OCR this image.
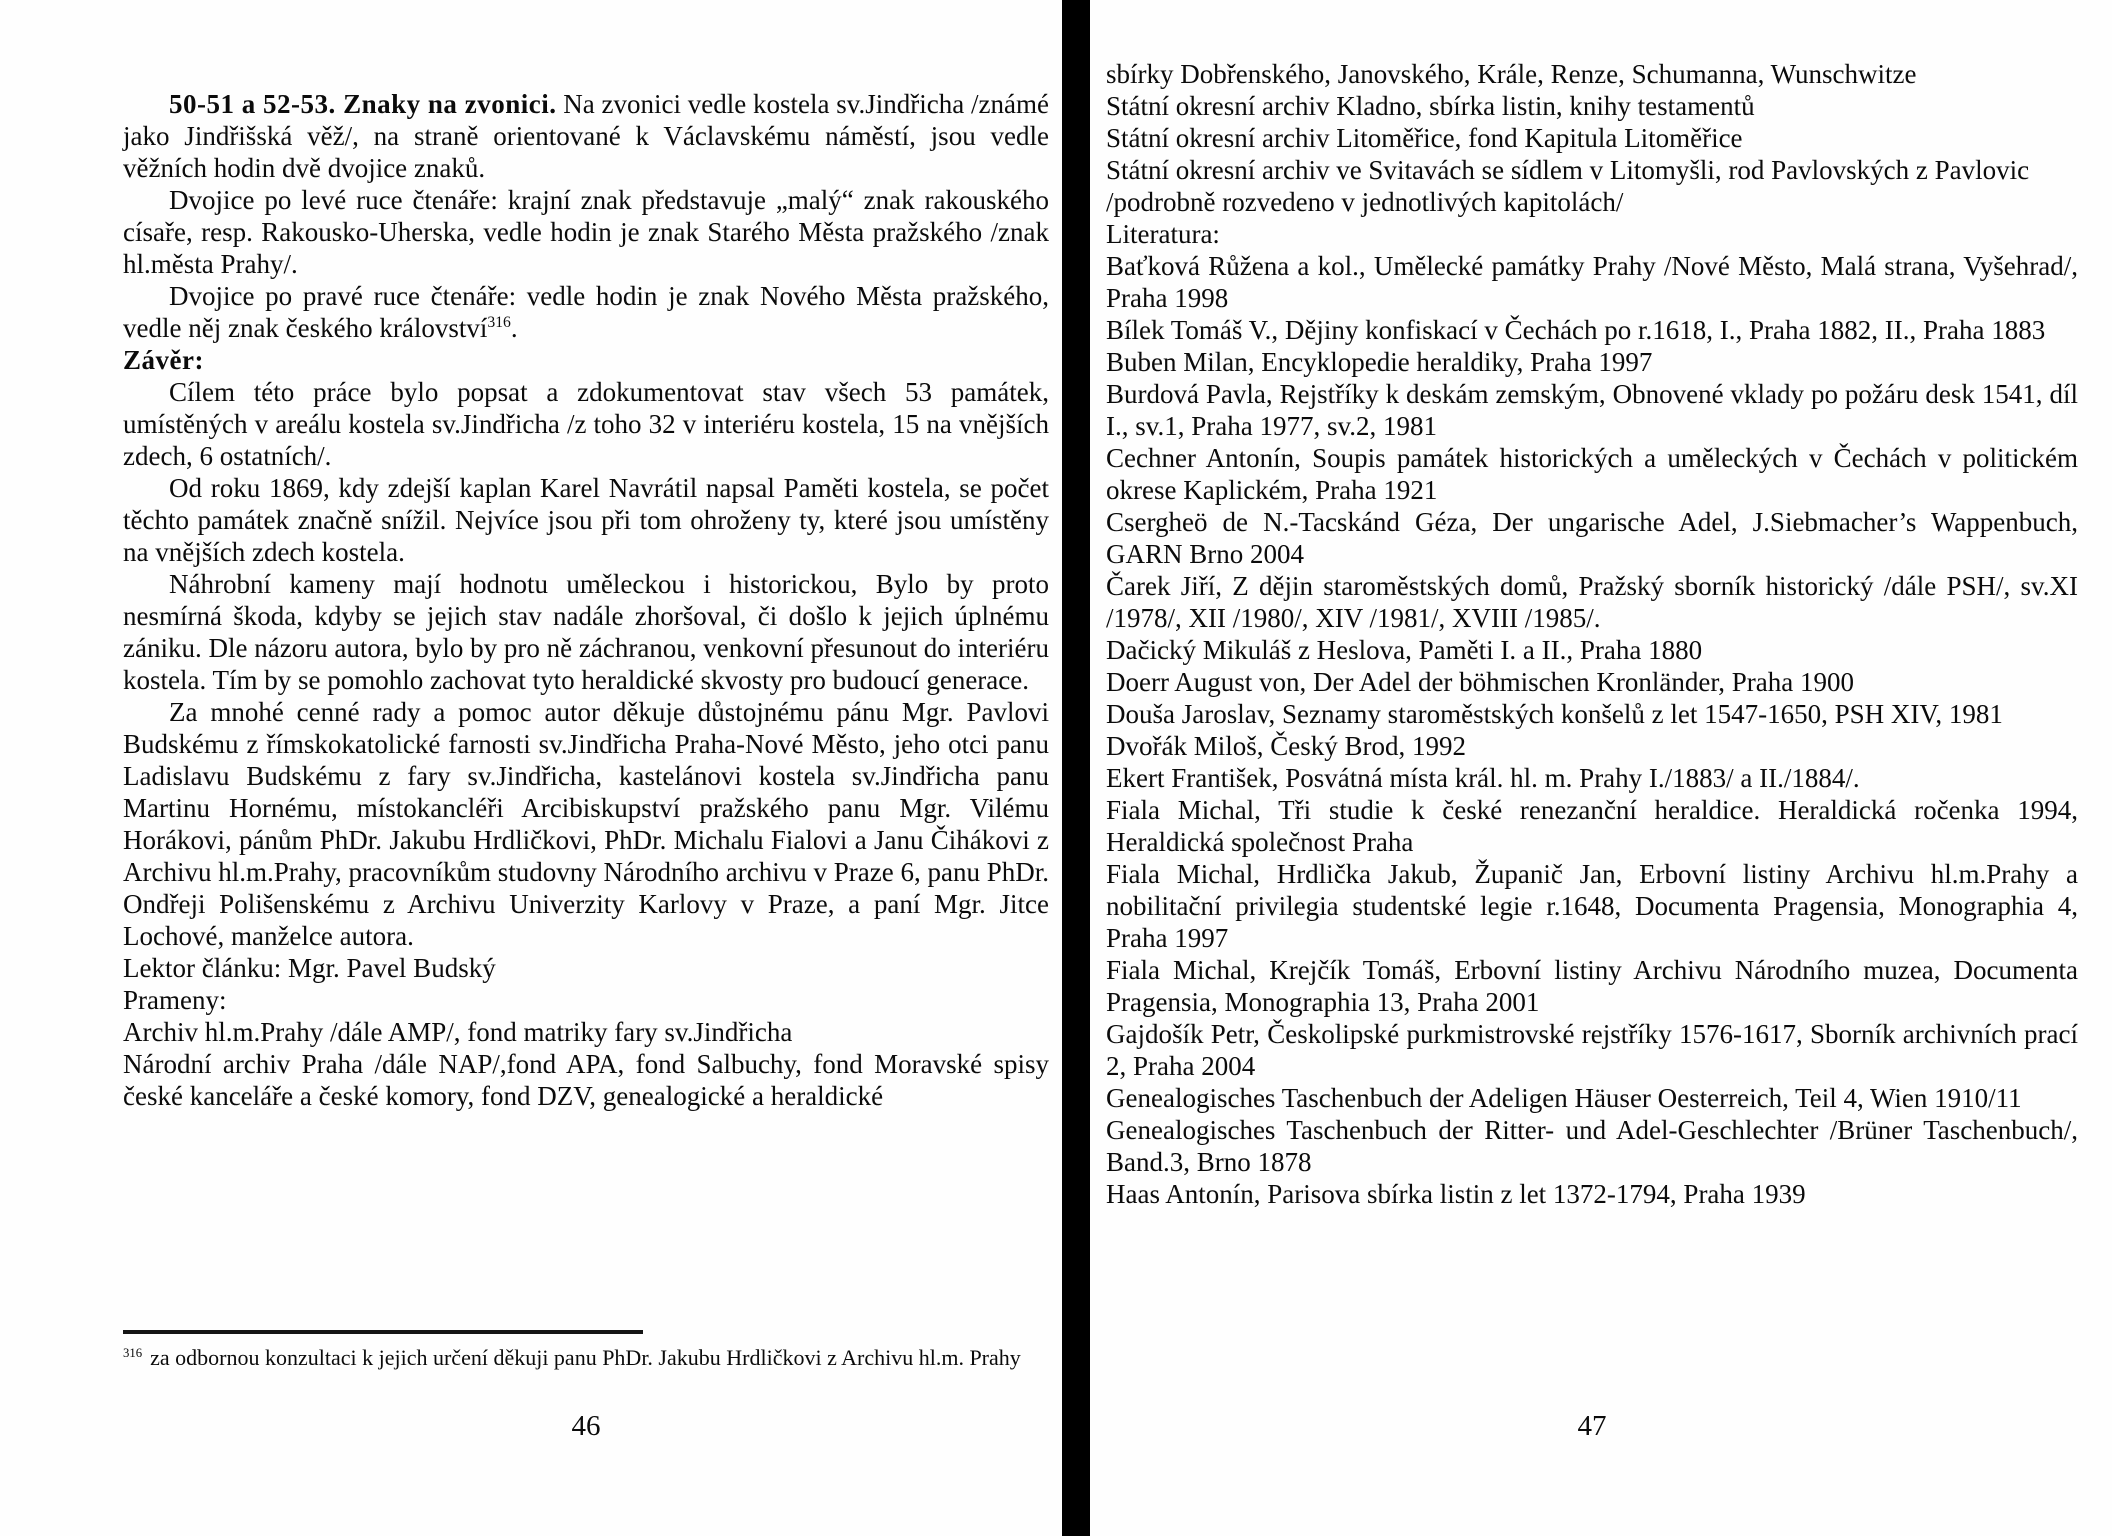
50-51 a 52-53. Znaky na zvonici. Na zvonici vedle kostela sv.Jindřicha /známé jako Jindřišská věž/, na straně orientované k Václavskému náměstí, jsou vedle věžních hodin dvě dvojice znaků.

Dvojice po levé ruce čtenáře: krajní znak představuje „malý“ znak rakouského císaře, resp. Rakousko-Uherska, vedle hodin je znak Starého Města pražského /znak hl.města Prahy/.

Dvojice po pravé ruce čtenáře: vedle hodin je znak Nového Města pražského, vedle něj znak českého království$^{316}$.

Závěr:

Cílem této práce bylo popsat a zdokumentovat stav všech 53 památek, umístěných v areálu kostela sv.Jindřicha /z toho 32 v interiéru kostela, 15 na vnějších zdech, 6 ostatních/.

Od roku 1869, kdy zdejší kaplan Karel Navrátil napsal Paměti kostela, se počet těchto památek značně snížil. Nejvíce jsou při tom ohroženy ty, které jsou umístěny na vnějších zdech kostela.

Náhrobní kameny mají hodnotu uměleckou i historickou, Bylo by proto nesmírná škoda, kdyby se jejich stav nadále zhoršoval, či došlo k jejich úplnému zániku. Dle názoru autora, bylo by pro ně záchranou, venkovní přesunout do interiéru kostela. Tím by se pomohlo zachovat tyto heraldické skvosty pro budoucí generace.

Za mnohé cenné rady a pomoc autor děkuje důstojnému pánu Mgr. Pavlovi Budskému z římskokatolické farnosti sv.Jindřicha Praha-Nové Město, jeho otci panu Ladislavu Budskému z fary sv.Jindřicha, kastelánovi kostela sv.Jindřicha panu Martinu Hornému, místokancléři Arcibiskupství pražského panu Mgr. Vilému Horákovi, pánům PhDr. Jakubu Hrdličkovi, PhDr. Michalu Fialovi a Janu Čihákovi z Archivu hl.m.Prahy, pracovníkům studovny Národního archivu v Praze 6, panu PhDr. Ondřeji Polišenskému z Archivu Univerzity Karlovy v Praze, a paní Mgr. Jitce Lochové, manželce autora.

Lektor článku: Mgr. Pavel Budský

Prameny:

Archiv hl.m.Prahy /dále AMP/, fond matriky fary sv.Jindřicha

Národní archiv Praha /dále NAP/,fond APA, fond Salbuchy, fond Moravské spisy české kanceláře a české komory, fond DZV, genealogické a heraldické

sbírky Dobřenského, Janovského, Krále, Renze, Schumanna, Wunschwitze

Státní okresní archiv Kladno, sbírka listin, knihy testamentů

Státní okresní archiv Litoměřice, fond Kapitula Litoměřice

Státní okresní archiv ve Svitavách se sídlem v Litomyšli, rod Pavlovských z Pavlovic

/podrobně rozvedeno v jednotlivých kapitolách/

Literatura:

Baťková Růžena a kol., Umělecké památky Prahy /Nové Město, Malá strana, Vyšehrad/, Praha 1998

Bílek Tomáš V., Dějiny konfiskací v Čechách po r.1618, I., Praha 1882, II., Praha 1883

Buben Milan, Encyklopedie heraldiky, Praha 1997

Burdová Pavla, Rejstříky k deskám zemským, Obnovené vklady po požáru desk 1541, díl I., sv.1, Praha 1977, sv.2, 1981

Cechner Antonín, Soupis památek historických a uměleckých v Čechách v politickém okrese Kaplickém, Praha 1921

Csergheö de N.-Tacskánd Géza, Der ungarische Adel, J.Siebmacher’s Wappenbuch, GARN Brno 2004

Čarek Jiří, Z dějin staroměstských domů, Pražský sborník historický /dále PSH/, sv.XI /1978/, XII /1980/, XIV /1981/, XVIII /1985/.

Dačický Mikuláš z Heslova, Paměti I. a II., Praha 1880

Doerr August von, Der Adel der böhmischen Kronländer, Praha 1900

Douša Jaroslav, Seznamy staroměstských konšelů z let 1547-1650, PSH XIV, 1981

Dvořák Miloš, Český Brod, 1992

Ekert František, Posvátná místa král. hl. m. Prahy I./1883/ a II./1884/.

Fiala Michal, Tři studie k české renezanční heraldice. Heraldická ročenka 1994, Heraldická společnost Praha

Fiala Michal, Hrdlička Jakub, Županič Jan, Erbovní listiny Archivu hl.m.Prahy a nobilitační privilegia studentské legie r.1648, Documenta Pragensia, Monographia 4, Praha 1997

Fiala Michal, Krejčík Tomáš, Erbovní listiny Archivu Národního muzea, Documenta Pragensia, Monographia 13, Praha 2001

Gajdošík Petr, Českolipské purkmistrovské rejstříky 1576-1617, Sborník archivních prací 2, Praha 2004

Genealogisches Taschenbuch der Adeligen Häuser Oesterreich, Teil 4, Wien 1910/11

Genealogisches Taschenbuch der Ritter- und Adel-Geschlechter /Brüner Taschenbuch/, Band.3, Brno 1878

Haas Antonín, Parisova sbírka listin z let 1372-1794, Praha 1939

$^{316}$ za odbornou konzultaci k jejich určení děkuji panu PhDr. Jakubu Hrdličkovi z Archivu hl.m. Prahy
46	47
